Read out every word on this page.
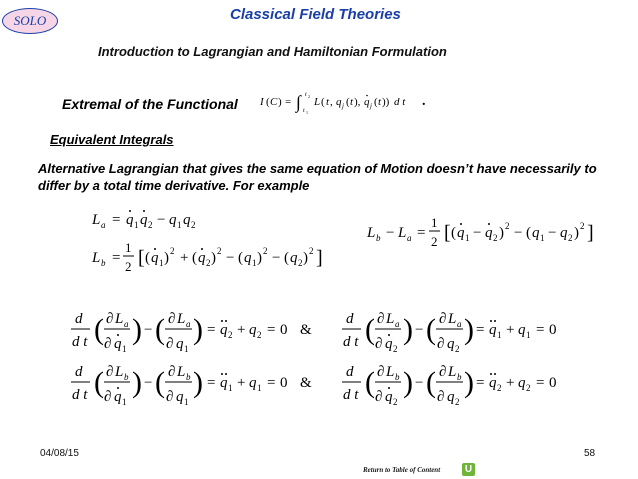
SOLO	Classical Field Theories
Introduction to Lagrangian and Hamiltonian Formulation
Extremal of the Functional I ( C ) = ∫ t 2
t 1
L ( t , q j ( t ), q j ( t )) d t .
Equivalent Integrals
Alternative Lagrangian that gives the same equation of Motion doesn’t have necessarily to differ by a total time derivative. For example
L a = q 1 q 2 − q 1 q 2
L b =
1
2 [ ( q 1 ) 2 + ( q 2 ) 2 − ( q 1 ) 2 − ( q 2 ) 2 ]
L b − L a =
1
2 [ ( q 1 − q 2 ) 2 − ( q 1 − q 2 ) 2 ]
d
d t ( ∂ L a
∂ q 1
) − ( ∂ L a
∂ q 1
) = q 2 + q 2 = 0 &
d
d t ( ∂ L a
∂ q 2
) − ( ∂ L a
∂ q 2
) = q 1 + q 1 = 0
d
d t ( ∂ L b
∂ q 1
) − ( ∂ L b
∂ q 1
) = q 1 + q 1 = 0 &
d
d t ( ∂ L b
∂ q 2
) − ( ∂ L b
∂ q 2
) = q 2 + q 2 = 0
04/08/15	58
Return to Table of Content U
